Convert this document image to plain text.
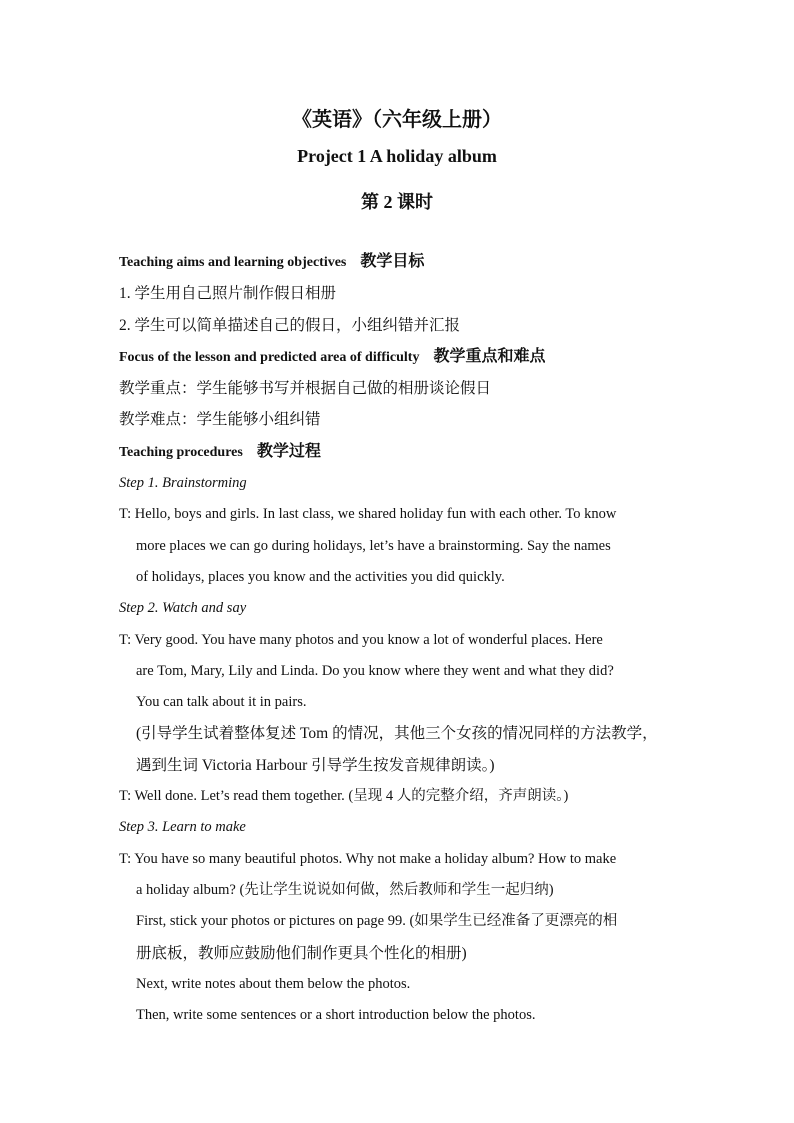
《英语》（六年级上册）
Project 1 A holiday album
第 2 课时
Teaching aims and learning objectives 教学目标
1. 学生用自己照片制作假日相册
2. 学生可以简单描述自己的假日，小组纠错并汇报
Focus of the lesson and predicted area of difficulty 教学重点和难点
教学重点：学生能够书写并根据自己做的相册谈论假日
教学难点：学生能够小组纠错
Teaching procedures 教学过程
Step 1. Brainstorming
T: Hello, boys and girls. In last class, we shared holiday fun with each other. To know
more places we can go during holidays, let’s have a brainstorming. Say the names
of holidays, places you know and the activities you did quickly.
Step 2. Watch and say
T: Very good. You have many photos and you know a lot of wonderful places. Here
are Tom, Mary, Lily and Linda. Do you know where they went and what they did?
You can talk about it in pairs.
(引导学生试着整体复述 Tom 的情况，其他三个女孩的情况同样的方法教学，
遇到生词 Victoria Harbour 引导学生按发音规律朗读。)
T: Well done. Let’s read them together. (呈现 4 人的完整介绍，齐声朗读。)
Step 3. Learn to make
T: You have so many beautiful photos. Why not make a holiday album? How to make
a holiday album? (先让学生说说如何做，然后教师和学生一起归纳)
First, stick your photos or pictures on page 99. (如果学生已经准备了更漂亮的相
册底板，教师应鼓励他们制作更具个性化的相册)
Next, write notes about them below the photos.
Then, write some sentences or a short introduction below the photos.
